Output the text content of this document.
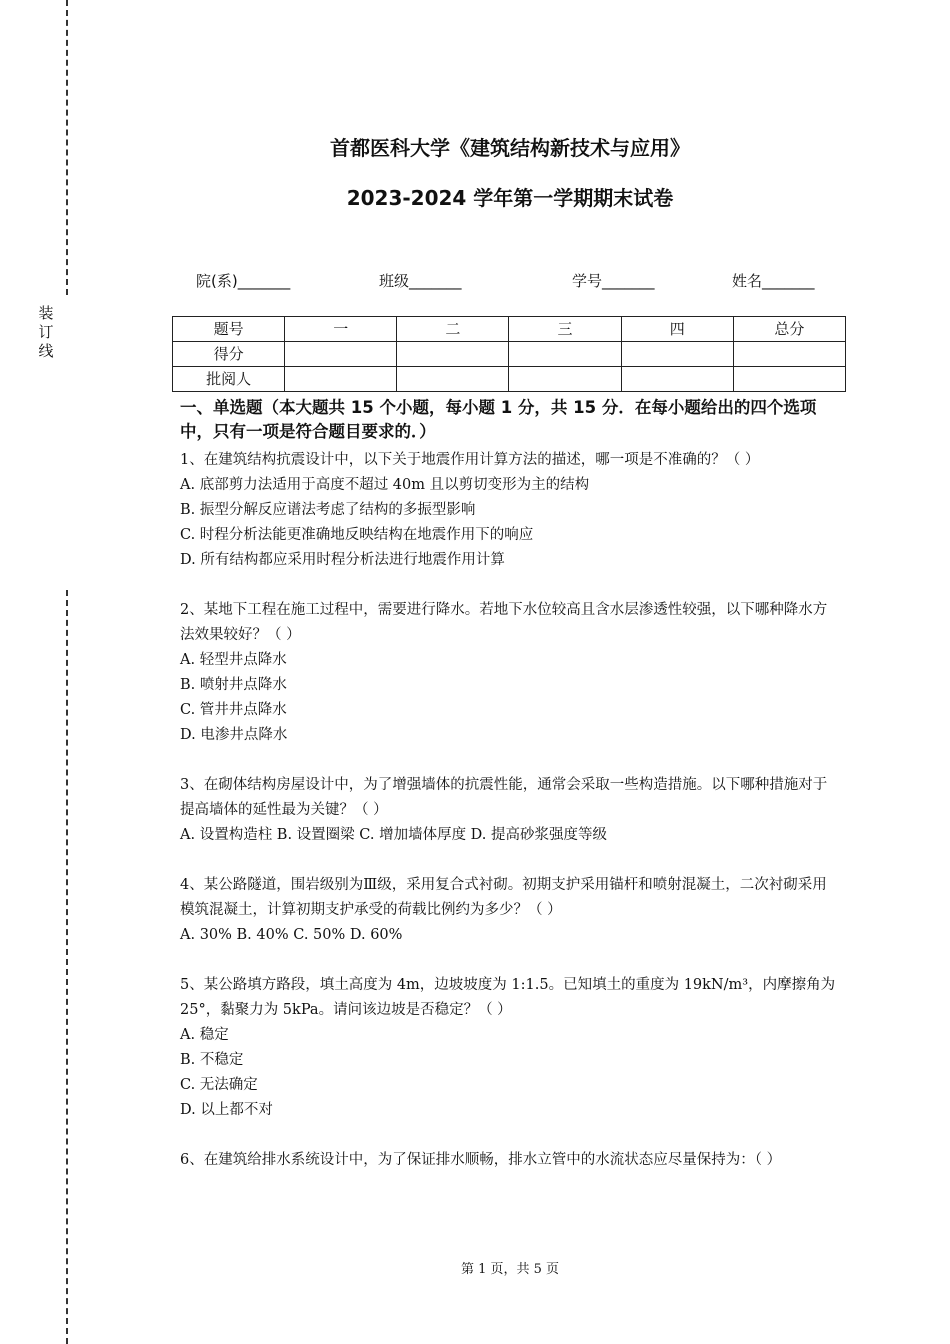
装
订
线
首都医科大学《建筑结构新技术与应用》
2023-2024 学年第一学期期末试卷
院(系)_______	班级_______	学号_______	姓名_______
题号	一	二	三	四	总分
得分					
批阅人					

一、单选题（本大题共 15 个小题，每小题 1 分，共 15 分．在每小题给出的四个选项中，只有一项是符合题目要求的．）

1、在建筑结构抗震设计中，以下关于地震作用计算方法的描述，哪一项是不准确的？（ ）

A. 底部剪力法适用于高度不超过 40m 且以剪切变形为主的结构

B. 振型分解反应谱法考虑了结构的多振型影响

C. 时程分析法能更准确地反映结构在地震作用下的响应

D. 所有结构都应采用时程分析法进行地震作用计算

2、某地下工程在施工过程中，需要进行降水。若地下水位较高且含水层渗透性较强，以下哪种降水方法效果较好？（ ）

A. 轻型井点降水

B. 喷射井点降水

C. 管井井点降水

D. 电渗井点降水

3、在砌体结构房屋设计中，为了增强墙体的抗震性能，通常会采取一些构造措施。以下哪种措施对于提高墙体的延性最为关键？（ ）

A. 设置构造柱 B. 设置圈梁 C. 增加墙体厚度 D. 提高砂浆强度等级

4、某公路隧道，围岩级别为Ⅲ级，采用复合式衬砌。初期支护采用锚杆和喷射混凝土，二次衬砌采用模筑混凝土，计算初期支护承受的荷载比例约为多少？（ ）

A. 30% B. 40% C. 50% D. 60%

5、某公路填方路段，填土高度为 4m，边坡坡度为 1:1.5。已知填土的重度为 19kN/m³，内摩擦角为 25°，黏聚力为 5kPa。请问该边坡是否稳定？（ ）

A. 稳定

B. 不稳定

C. 无法确定

D. 以上都不对

6、在建筑给排水系统设计中，为了保证排水顺畅，排水立管中的水流状态应尽量保持为：（ ）

第 1 页，共 5 页
